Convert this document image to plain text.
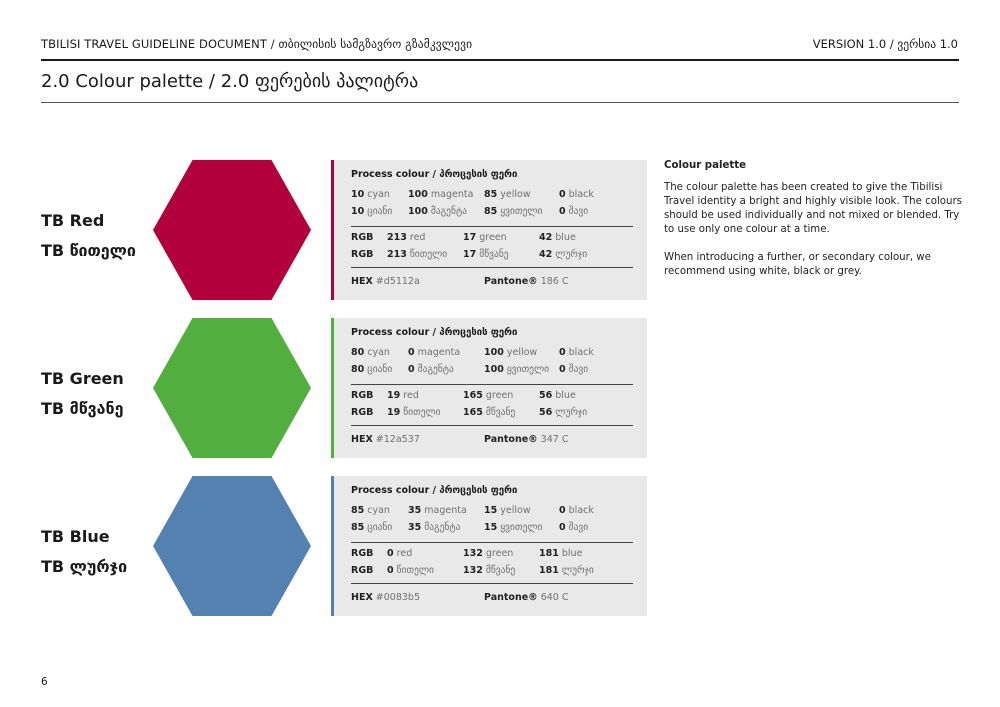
TBILISI TRAVEL GUIDELINE DOCUMENT / თბილისის სამგზავრო გზამკვლევი	VERSION 1.0 / ვერსია 1.0
2.0 Colour palette / 2.0 ფერების პალიტრა
TB Red
TB წითელი
Process colour / პროცესის ფერი
10 cyan 100 magenta 85 yellow	0 black
10 ციანი 100 მაგენტა 85 ყვითელი 0 შავი
RGB 213 red	17 green	42 blue
RGB 213 წითელი 17 მწვანე	42 ლურჯი
HEX #d5112a	Pantone® 186 C
TB Green
TB მწვანე
Process colour / პროცესის ფერი
80 cyan 0 magenta	100 yellow 0 black
80 ციანი 0 მაგენტა	100 ყვითელი 0 შავი
RGB 19 red	165 green	56 blue
RGB 19 წითელი 165 მწვანე	56 ლურჯი
HEX #12a537	Pantone® 347 C
TB Blue
TB ლურჯი
Process colour / პროცესის ფერი
85 cyan 35 magenta 15 yellow	0 black
85 ციანი 35 მაგენტა 15 ყვითელი 0 შავი
RGB 0 red	132 green	181 blue
RGB 0 წითელი	132 მწვანე	181 ლურჯი
HEX #0083b5	Pantone® 640 C
Colour palette

The colour palette has been created to give the Tibilisi Travel identity a bright and highly visible look. The colours should be used individually and not mixed or blended. Try to use only one colour at a time.

When introducing a further, or secondary colour, we recommend using white, black or grey.

6
